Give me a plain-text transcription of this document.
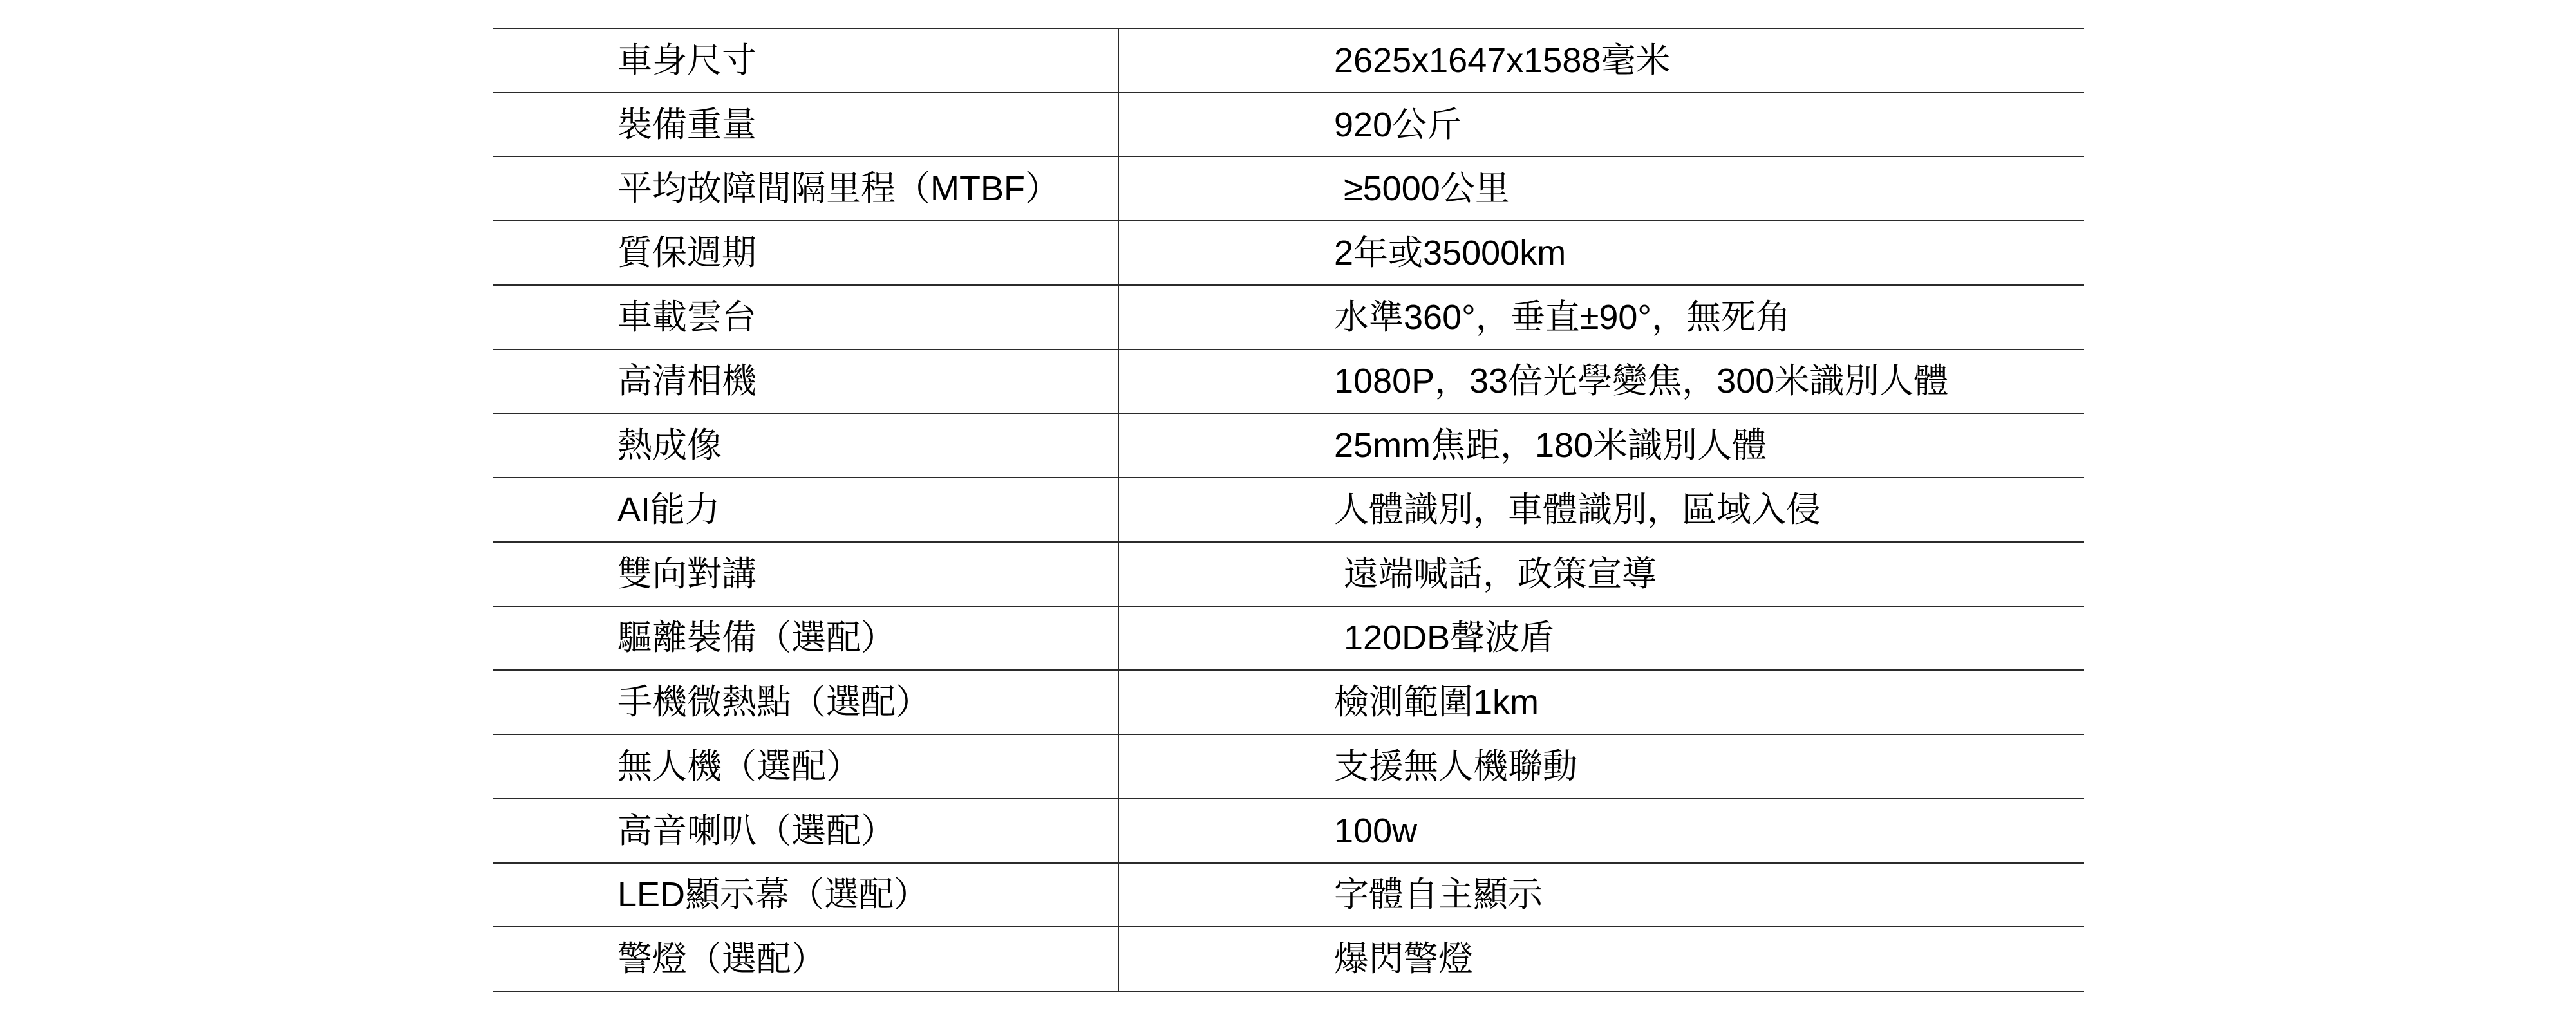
車身尺寸	2625x1647x1588毫米
裝備重量	920公斤
平均故障間隔里程（MTBF）	≥5000公里
質保週期	2年或35000km
車載雲台	水準360°，垂直±90°，無死角
高清相機	1080P，33倍光學變焦，300米識別人體
熱成像	25mm焦距，180米識別人體
AI能力	人體識別，車體識別，區域入侵
雙向對講	遠端喊話，政策宣導
驅離裝備（選配）	120DB聲波盾
手機微熱點（選配）	檢測範圍1km
無人機（選配）	支援無人機聯動
高音喇叭（選配）	100w
LED顯示幕（選配）	字體自主顯示
警燈（選配）	爆閃警燈
